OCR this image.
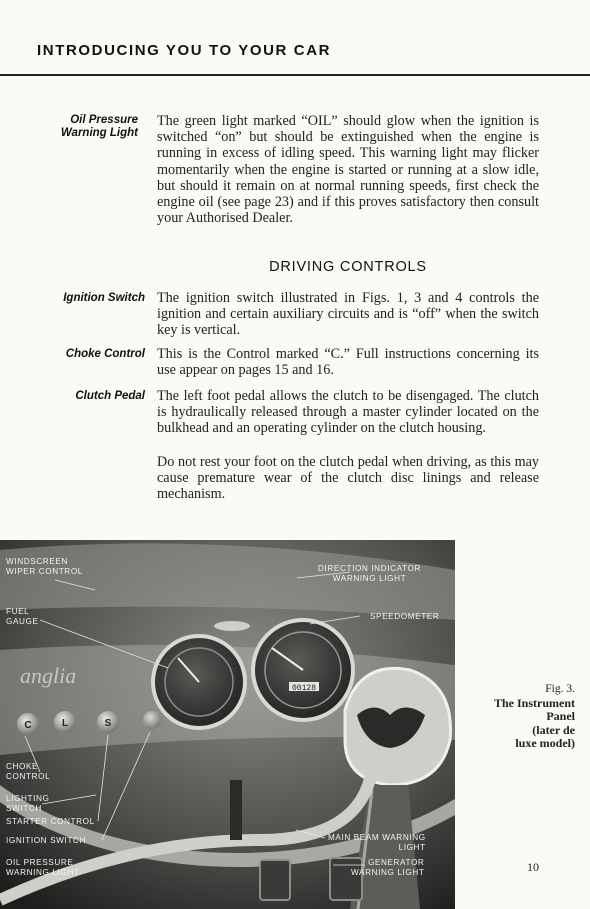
INTRODUCING YOU TO YOUR CAR
Oil Pressure Warning Light
The green light marked “OIL” should glow when the ignition is switched “on” but should be extinguished when the engine is running in excess of idling speed. This warning light may flicker momentarily when the engine is started or running at a slow idle, but should it remain on at normal running speeds, first check the engine oil (see page 23) and if this proves satisfactory then consult your Authorised Dealer.
DRIVING CONTROLS
Ignition Switch The ignition switch illustrated in Figs. 1, 3 and 4 controls the ignition and certain auxiliary circuits and is “off” when the switch key is vertical.
Choke Control This is the Control marked “C.” Full instructions concerning its use appear on pages 15 and 16.
Clutch Pedal The left foot pedal allows the clutch to be disengaged. The clutch is hydraulically released through a master cylinder located on the bulkhead and an operating cylinder on the clutch housing.
Do not rest your foot on the clutch pedal when driving, as this may cause premature wear of the clutch disc linings and release mechanism.
00128
anglia
C	L	S
WINDSCREEN
WIPER CONTROL
FUEL
GAUGE
CHOKE
CONTROL
LIGHTING
SWITCH
STARTER CONTROL
IGNITION SWITCH
OIL PRESSURE
WARNING LIGHT
DIRECTION INDICATOR
WARNING LIGHT
SPEEDOMETER
MAIN BEAM WARNING
LIGHT
GENERATOR
WARNING LIGHT
Fig. 3.
The Instrument
Panel
(later de
luxe model)
10
